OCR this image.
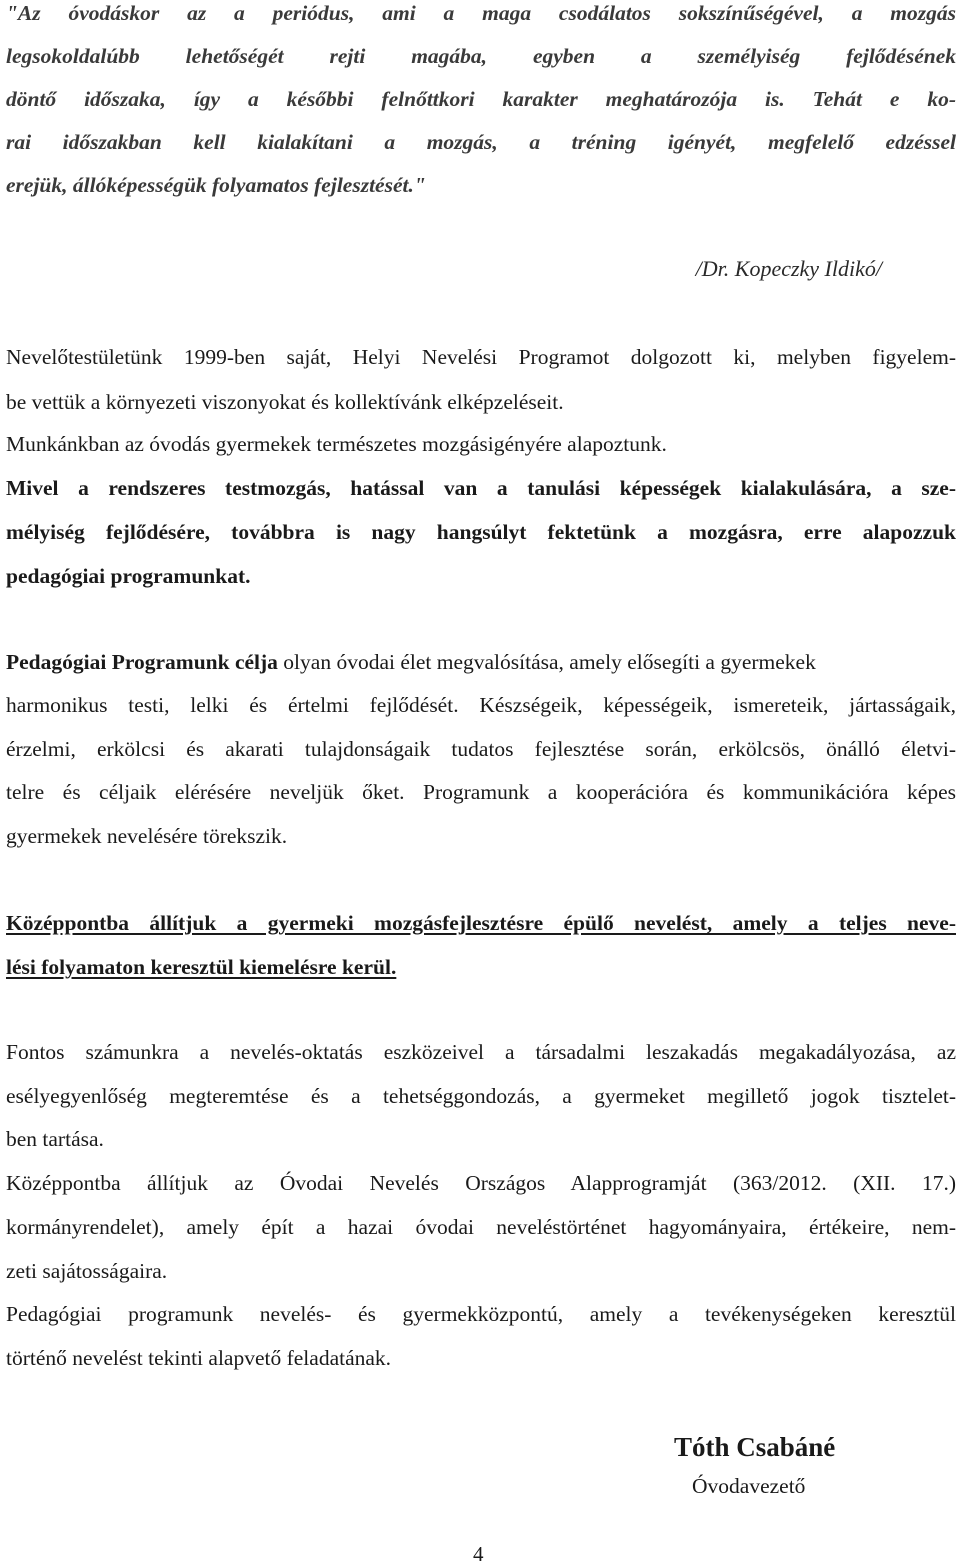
"Az óvodáskor az a periódus, ami a maga csodálatos sokszínűségével, a mozgás
legsokoldalúbb lehetőségét rejti magába, egyben a személyiség fejlődésének
döntő időszaka, így a későbbi felnőttkori karakter meghatározója is. Tehát e ko-
rai időszakban kell kialakítani a mozgás, a tréning igényét, megfelelő edzéssel
erejük, állóképességük folyamatos fejlesztését."
/Dr. Kopeczky Ildikó/
Nevelőtestületünk 1999-ben saját, Helyi Nevelési Programot dolgozott ki, melyben figyelem-
be vettük a környezeti viszonyokat és kollektívánk elképzeléseit.
Munkánkban az óvodás gyermekek természetes mozgásigényére alapoztunk.
Mivel a rendszeres testmozgás, hatással van a tanulási képességek kialakulására, a sze-
mélyiség fejlődésére, továbbra is nagy hangsúlyt fektetünk a mozgásra, erre alapozzuk
pedagógiai programunkat.
Pedagógiai Programunk célja olyan óvodai élet megvalósítása, amely elősegíti a gyermekek
harmonikus testi, lelki és értelmi fejlődését. Készségeik, képességeik, ismereteik, jártasságaik,
érzelmi, erkölcsi és akarati tulajdonságaik tudatos fejlesztése során, erkölcsös, önálló életvi-
telre és céljaik elérésére neveljük őket. Programunk a kooperációra és kommunikációra képes
gyermekek nevelésére törekszik.
Középpontba állítjuk a gyermeki mozgásfejlesztésre épülő nevelést, amely a teljes neve-
lési folyamaton keresztül kiemelésre kerül.
Fontos számunkra a nevelés-oktatás eszközeivel a társadalmi leszakadás megakadályozása, az
esélyegyenlőség megteremtése és a tehetséggondozás, a gyermeket megillető jogok tisztelet-
ben tartása.
Középpontba állítjuk az Óvodai Nevelés Országos Alapprogramját (363/2012. (XII. 17.)
kormányrendelet), amely épít a hazai óvodai neveléstörténet hagyományaira, értékeire, nem-
zeti sajátosságaira.
Pedagógiai programunk nevelés- és gyermekközpontú, amely a tevékenységeken keresztül
történő nevelést tekinti alapvető feladatának.
Tóth Csabáné
Óvodavezető
4
